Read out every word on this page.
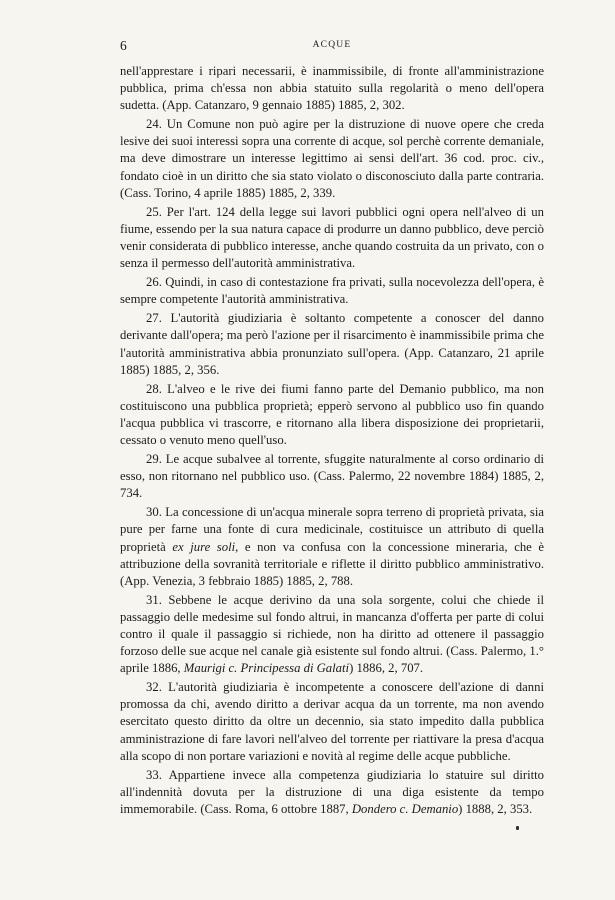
6	ACQUE

nell'apprestare i ripari necessarii, è inammissibile, di fronte all'amministrazione pubblica, prima ch'essa non abbia statuito sulla regolarità o meno dell'opera sudetta. (App. Catanzaro, 9 gennaio 1885) 1885, 2, 302.

24. Un Comune non può agire per la distruzione di nuove opere che creda lesive dei suoi interessi sopra una corrente di acque, sol perchè corrente demaniale, ma deve dimostrare un interesse legittimo ai sensi dell'art. 36 cod. proc. civ., fondato cioè in un diritto che sia stato violato o disconosciuto dalla parte contraria. (Cass. Torino, 4 aprile 1885) 1885, 2, 339.

25. Per l'art. 124 della legge sui lavori pubblici ogni opera nell'alveo di un fiume, essendo per la sua natura capace di produrre un danno pubblico, deve perciò venir considerata di pubblico interesse, anche quando costruita da un privato, con o senza il permesso dell'autorità amministrativa.

26. Quindi, in caso di contestazione fra privati, sulla nocevolezza dell'opera, è sempre competente l'autorità amministrativa.

27. L'autorità giudiziaria è soltanto competente a conoscer del danno derivante dall'opera; ma però l'azione per il risarcimento è inammissibile prima che l'autorità amministrativa abbia pronunziato sull'opera. (App. Catanzaro, 21 aprile 1885) 1885, 2, 356.

28. L'alveo e le rive dei fiumi fanno parte del Demanio pubblico, ma non costituiscono una pubblica proprietà; epperò servono al pubblico uso fin quando l'acqua pubblica vi trascorre, e ritornano alla libera disposizione dei proprietarii, cessato o venuto meno quell'uso.

29. Le acque subalvee al torrente, sfuggite naturalmente al corso ordinario di esso, non ritornano nel pubblico uso. (Cass. Palermo, 22 novembre 1884) 1885, 2, 734.

30. La concessione di un'acqua minerale sopra terreno di proprietà privata, sia pure per farne una fonte di cura medicinale, costituisce un attributo di quella proprietà ex jure soli, e non va confusa con la concessione mineraria, che è attribuzione della sovranità territoriale e riflette il diritto pubblico amministrativo. (App. Venezia, 3 febbraio 1885) 1885, 2, 788.

31. Sebbene le acque derivino da una sola sorgente, colui che chiede il passaggio delle medesime sul fondo altrui, in mancanza d'offerta per parte di colui contro il quale il passaggio si richiede, non ha diritto ad ottenere il passaggio forzoso delle sue acque nel canale già esistente sul fondo altrui. (Cass. Palermo, 1.° aprile 1886, Maurigi c. Principessa di Galati) 1886, 2, 707.

32. L'autorità giudiziaria è incompetente a conoscere dell'azione di danni promossa da chi, avendo diritto a derivar acqua da un torrente, ma non avendo esercitato questo diritto da oltre un decennio, sia stato impedito dalla pubblica amministrazione di fare lavori nell'alveo del torrente per riattivare la presa d'acqua alla scopo di non portare variazioni e novità al regime delle acque pubbliche.

33. Appartiene invece alla competenza giudiziaria lo statuire sul diritto all'indennità dovuta per la distruzione di una diga esistente da tempo immemorabile. (Cass. Roma, 6 ottobre 1887, Dondero c. Demanio) 1888, 2, 353.
